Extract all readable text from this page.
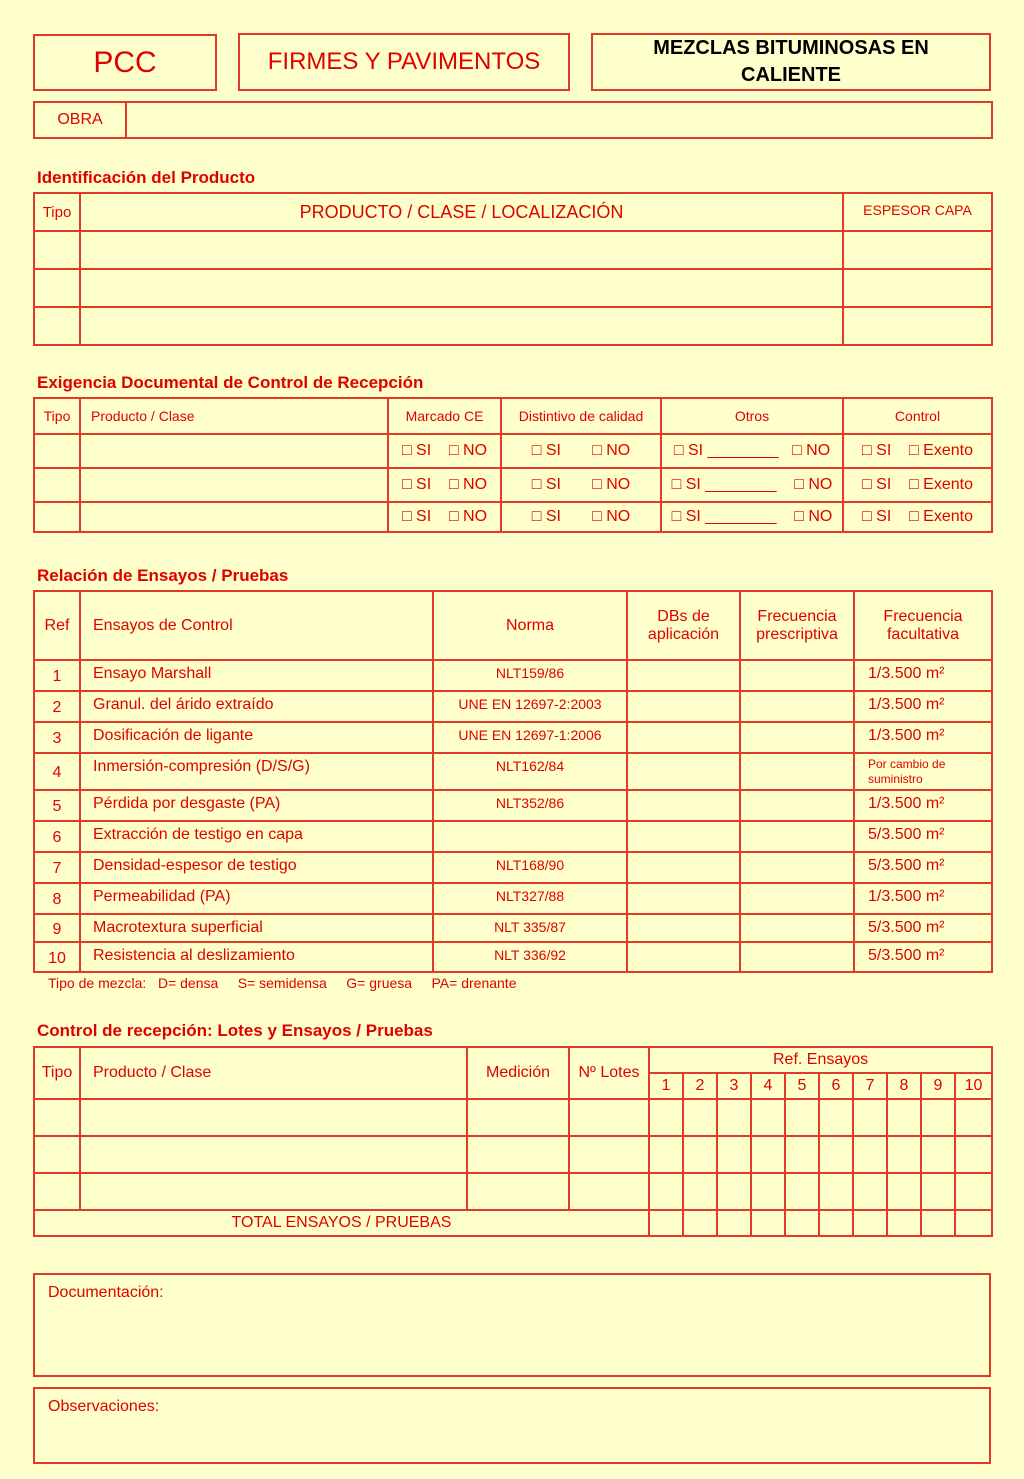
PCC	FIRMES Y PAVIMENTOS	MEZCLAS BITUMINOSAS EN CALIENTE
OBRA	
Identificación del Producto
Tipo	PRODUCTO / CLASE / LOCALIZACIÓN	ESPESOR CAPA

Exigencia Documental de Control de Recepción
Tipo	Producto / Clase	Marcado CE	Distintivo de calidad	Otros	Control
		□ SI    □ NO	□ SI       □ NO	□ SI ________   □ NO	□ SI    □ Exento
		□ SI    □ NO	□ SI       □ NO	□ SI ________    □ NO	□ SI    □ Exento
		□ SI    □ NO	□ SI       □ NO	□ SI ________    □ NO	□ SI    □ Exento
Relación de Ensayos / Pruebas
Ref	Ensayos de Control	Norma	DBs de aplicación	Frecuencia prescriptiva	Frecuencia facultativa
1	Ensayo Marshall	NLT159/86			1/3.500 m²
2	Granul. del árido extraído	UNE EN 12697-2:2003			1/3.500 m²
3	Dosificación de ligante	UNE EN 12697-1:2006			1/3.500 m²
4	Inmersión-compresión (D/S/G)	NLT162/84			Por cambio de suministro
5	Pérdida por desgaste (PA)	NLT352/86			1/3.500 m²
6	Extracción de testigo en capa				5/3.500 m²
7	Densidad-espesor de testigo	NLT168/90			5/3.500 m²
8	Permeabilidad (PA)	NLT327/88			1/3.500 m²
9	Macrotextura superficial	NLT 335/87			5/3.500 m²
10	Resistencia al deslizamiento	NLT 336/92			5/3.500 m²
Tipo de mezcla:   D= densa     S= semidensa     G= gruesa     PA= drenante
Control de recepción: Lotes y Ensayos / Pruebas
Tipo	Producto / Clase	Medición	Nº Lotes	Ref. Ensayos									
				1	2	3	4	5	6	7	8	9	10

TOTAL ENSAYOS / PRUEBAS													
Documentación:
Observaciones:
